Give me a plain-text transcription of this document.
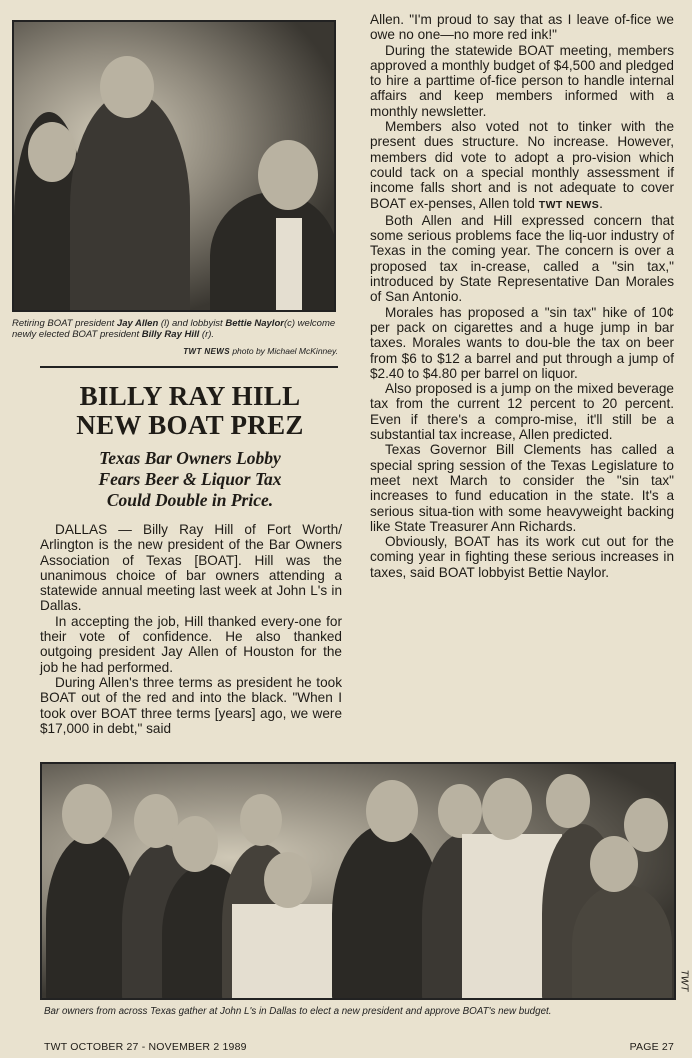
Retiring BOAT president Jay Allen (l) and lobbyist Bettie Naylor(c) welcome newly elected BOAT president Billy Ray Hill (r).

TWT NEWS photo by Michael McKinney.

BILLY RAY HILL
NEW BOAT PREZ
Texas Bar Owners Lobby
Fears Beer & Liquor Tax
Could Double in Price.

DALLAS — Billy Ray Hill of Fort Worth/ Arlington is the new president of the Bar Owners Association of Texas [BOAT]. Hill was the unanimous choice of bar owners attending a statewide annual meeting last week at John L's in Dallas.

In accepting the job, Hill thanked every-one for their vote of confidence. He also thanked outgoing president Jay Allen of Houston for the job he had performed.

During Allen's three terms as president he took BOAT out of the red and into the black. "When I took over BOAT three terms [years] ago, we were $17,000 in debt," said

Allen. "I'm proud to say that as I leave of-fice we owe no one—no more red ink!"

During the statewide BOAT meeting, members approved a monthly budget of $4,500 and pledged to hire a parttime of-fice person to handle internal affairs and keep members informed with a monthly newsletter.

Members also voted not to tinker with the present dues structure. No increase. However, members did vote to adopt a pro-vision which could tack on a special monthly assessment if income falls short and is not adequate to cover BOAT ex-penses, Allen told TWT NEWS.

Both Allen and Hill expressed concern that some serious problems face the liq-uor industry of Texas in the coming year. The concern is over a proposed tax in-crease, called a "sin tax," introduced by State Representative Dan Morales of San Antonio.

Morales has proposed a "sin tax" hike of 10¢ per pack on cigarettes and a huge jump in bar taxes. Morales wants to dou-ble the tax on beer from $6 to $12 a barrel and put through a jump of $2.40 to $4.80 per barrel on liquor.

Also proposed is a jump on the mixed beverage tax from the current 12 percent to 20 percent. Even if there's a compro-mise, it'll still be a substantial tax increase, Allen predicted.

Texas Governor Bill Clements has called a special spring session of the Texas Legislature to meet next March to consider the "sin tax" increases to fund education in the state. It's a serious situa-tion with some heavyweight backing like State Treasurer Ann Richards.

Obviously, BOAT has its work cut out for the coming year in fighting these serious increases in taxes, said BOAT lobbyist Bettie Naylor.

Bar owners from across Texas gather at John L's in Dallas to elect a new president and approve BOAT's new budget.

TWT
TWT OCTOBER 27 - NOVEMBER 2 1989	PAGE 27
